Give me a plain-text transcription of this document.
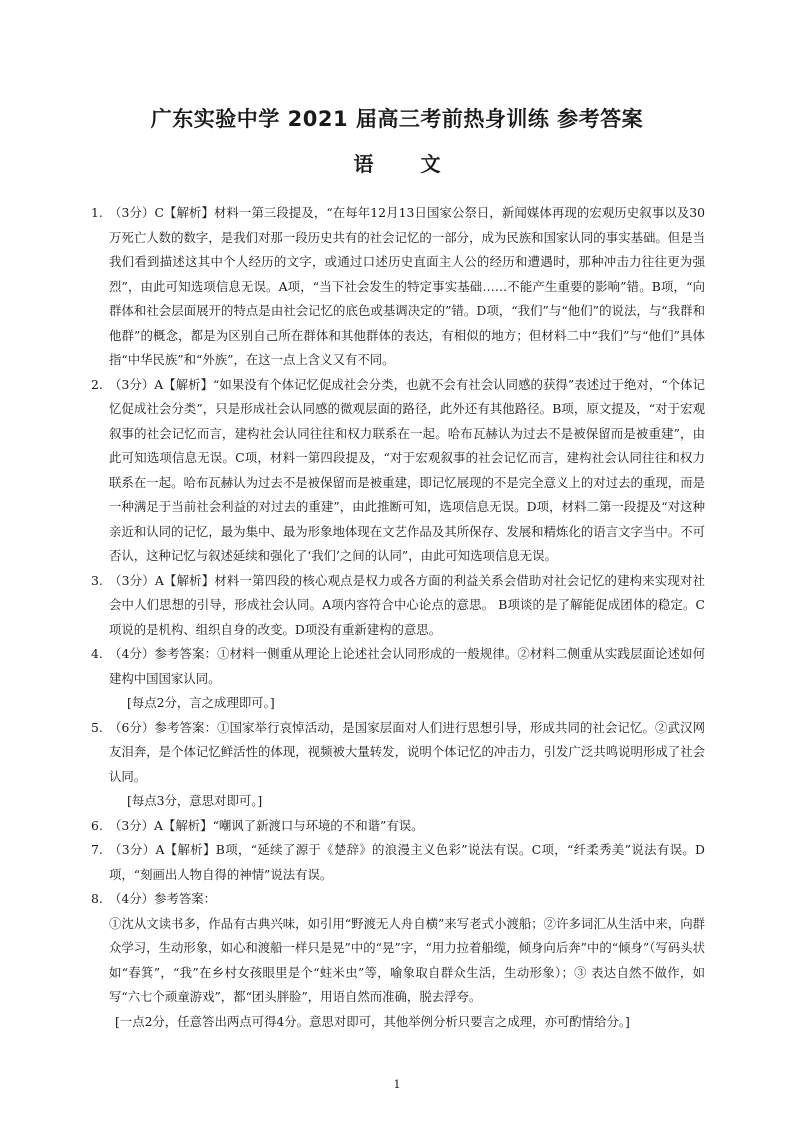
广东实验中学 2021 届高三考前热身训练 参考答案
语 文
1. （3分）C【解析】材料一第三段提及，“在每年12月13日国家公祭日，新闻媒体再现的宏观历史叙事以及30万死亡人数的数字，是我们对那一段历史共有的社会记忆的一部分，成为民族和国家认同的事实基础。但是当我们看到描述这其中个人经历的文字，或通过口述历史直面主人公的经历和遭遇时，那种冲击力往往更为强烈”，由此可知选项信息无误。A项，“当下社会发生的特定事实基础……不能产生重要的影响”错。B项，“向群体和社会层面展开的特点是由社会记忆的底色或基调决定的”错。D项，“我们”与“他们”的说法，与“我群和他群”的概念，都是为区别自己所在群体和其他群体的表达，有相似的地方；但材料二中“我们”与“他们”具体指“中华民族”和“外族”，在这一点上含义又有不同。
2. （3分）A【解析】“如果没有个体记忆促成社会分类，也就不会有社会认同感的获得”表述过于绝对，“个体记忆促成社会分类”，只是形成社会认同感的微观层面的路径，此外还有其他路径。B项，原文提及，“对于宏观叙事的社会记忆而言，建构社会认同往往和权力联系在一起。哈布瓦赫认为过去不是被保留而是被重建”，由此可知选项信息无误。C项，材料一第四段提及，“对于宏观叙事的社会记忆而言，建构社会认同往往和权力联系在一起。哈布瓦赫认为过去不是被保留而是被重建，即记忆展现的不是完全意义上的对过去的重现，而是一种满足于当前社会利益的对过去的重建”，由此推断可知，选项信息无误。D项，材料二第一段提及“对这种亲近和认同的记忆，最为集中、最为形象地体现在文艺作品及其所保存、发展和精炼化的语言文字当中。不可否认，这种记忆与叙述延续和强化了‘我们’之间的认同”，由此可知选项信息无误。
3. （3分）A【解析】材料一第四段的核心观点是权力或各方面的利益关系会借助对社会记忆的建构来实现对社会中人们思想的引导，形成社会认同。A项内容符合中心论点的意思。 B项谈的是了解能促成团体的稳定。C项说的是机构、组织自身的改变。D项没有重新建构的意思。
4. （4分）参考答案：①材料一侧重从理论上论述社会认同形成的一般规律。②材料二侧重从实践层面论述如何建构中国国家认同。

[每点2分，言之成理即可。]

5. （6分）参考答案：①国家举行哀悼活动，是国家层面对人们进行思想引导，形成共同的社会记忆。②武汉网友泪奔，是个体记忆鲜活性的体现，视频被大量转发，说明个体记忆的冲击力，引发广泛共鸣说明形成了社会认同。

[每点3分，意思对即可。]

6. （3分）A【解析】“嘲讽了新渡口与环境的不和谐”有误。
7. （3分）A【解析】B项，“延续了源于《楚辞》的浪漫主义色彩”说法有误。C项，“纤柔秀美”说法有误。D项，“刻画出人物自得的神情”说法有误。
8. （4分）参考答案：

①沈从文读书多，作品有古典兴味，如引用“野渡无人舟自横”来写老式小渡船；②许多词汇从生活中来，向群众学习，生动形象，如心和渡船一样只是晃”中的“晃”字，“用力拉着船缆，倾身向后奔”中的“倾身”（写码头状如“春箕”，“我”在乡村女孩眼里是个“蛀米虫”等，喻象取自群众生活，生动形象）；③ 表达自然不做作，如写“六七个顽童游戏”，都“团头胖脸”，用语自然而准确，脱去浮夸。

[一点2分，任意答出两点可得4分。意思对即可，其他举例分析只要言之成理，亦可酌情给分。]

1
